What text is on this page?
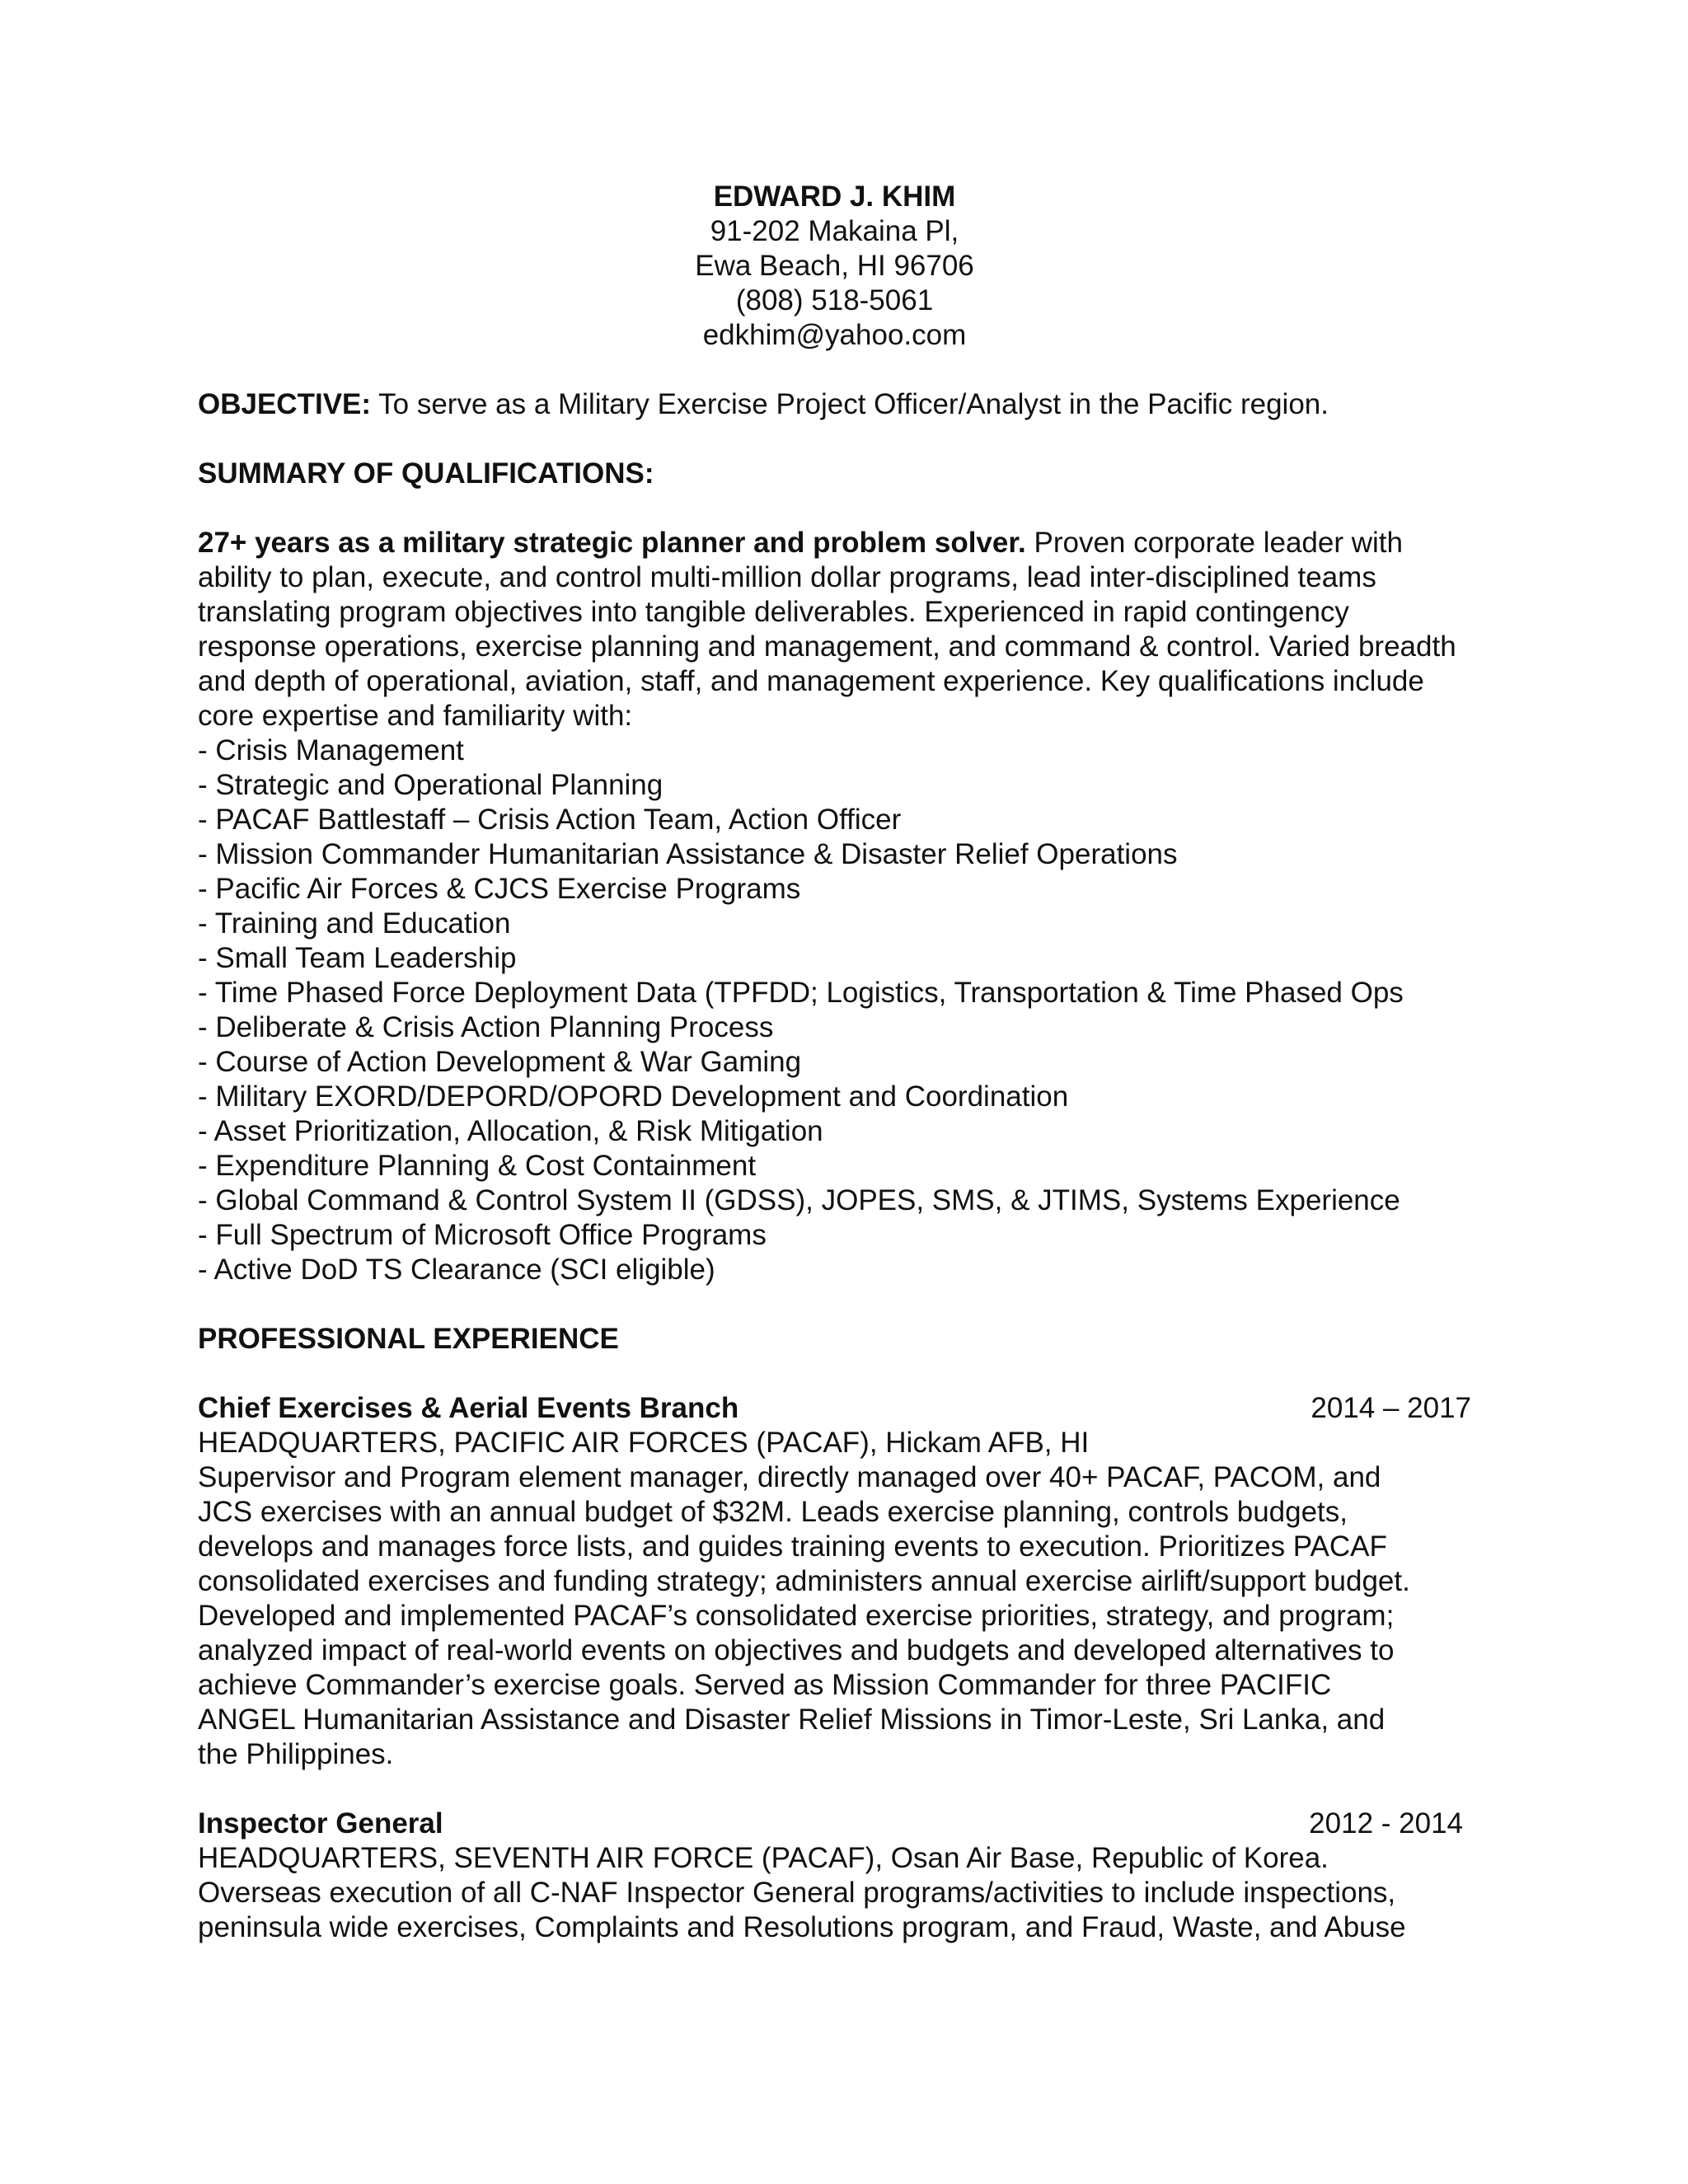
EDWARD J. KHIM
91-202 Makaina Pl,
Ewa Beach, HI 96706
(808) 518-5061
edkhim@yahoo.com
OBJECTIVE: To serve as a Military Exercise Project Officer/Analyst in the Pacific region.
SUMMARY OF QUALIFICATIONS:

27+ years as a military strategic planner and problem solver. Proven corporate leader with ability to plan, execute, and control multi-million dollar programs, lead inter-disciplined teams translating program objectives into tangible deliverables. Experienced in rapid contingency response operations, exercise planning and management, and command & control. Varied breadth and depth of operational, aviation, staff, and management experience. Key qualifications include core expertise and familiarity with:

- Crisis Management
- Strategic and Operational Planning
- PACAF Battlestaff – Crisis Action Team, Action Officer
- Mission Commander Humanitarian Assistance & Disaster Relief Operations
- Pacific Air Forces & CJCS Exercise Programs
- Training and Education
- Small Team Leadership
- Time Phased Force Deployment Data (TPFDD; Logistics, Transportation & Time Phased Ops
- Deliberate & Crisis Action Planning Process
- Course of Action Development & War Gaming
- Military EXORD/DEPORD/OPORD Development and Coordination
- Asset Prioritization, Allocation, & Risk Mitigation
- Expenditure Planning & Cost Containment
- Global Command & Control System II (GDSS), JOPES, SMS, & JTIMS, Systems Experience
- Full Spectrum of Microsoft Office Programs
- Active DoD TS Clearance (SCI eligible)
PROFESSIONAL EXPERIENCE
Chief Exercises & Aerial Events Branch	2014 – 2017
HEADQUARTERS, PACIFIC AIR FORCES (PACAF), Hickam AFB, HI
Supervisor and Program element manager, directly managed over 40+ PACAF, PACOM, and
JCS exercises with an annual budget of $32M. Leads exercise planning, controls budgets,
develops and manages force lists, and guides training events to execution. Prioritizes PACAF
consolidated exercises and funding strategy; administers annual exercise airlift/support budget.
Developed and implemented PACAF’s consolidated exercise priorities, strategy, and program;
analyzed impact of real-world events on objectives and budgets and developed alternatives to
achieve Commander’s exercise goals. Served as Mission Commander for three PACIFIC
ANGEL Humanitarian Assistance and Disaster Relief Missions in Timor-Leste, Sri Lanka, and
the Philippines.
Inspector General	2012 - 2014
HEADQUARTERS, SEVENTH AIR FORCE (PACAF), Osan Air Base, Republic of Korea.
Overseas execution of all C-NAF Inspector General programs/activities to include inspections,
peninsula wide exercises, Complaints and Resolutions program, and Fraud, Waste, and Abuse
